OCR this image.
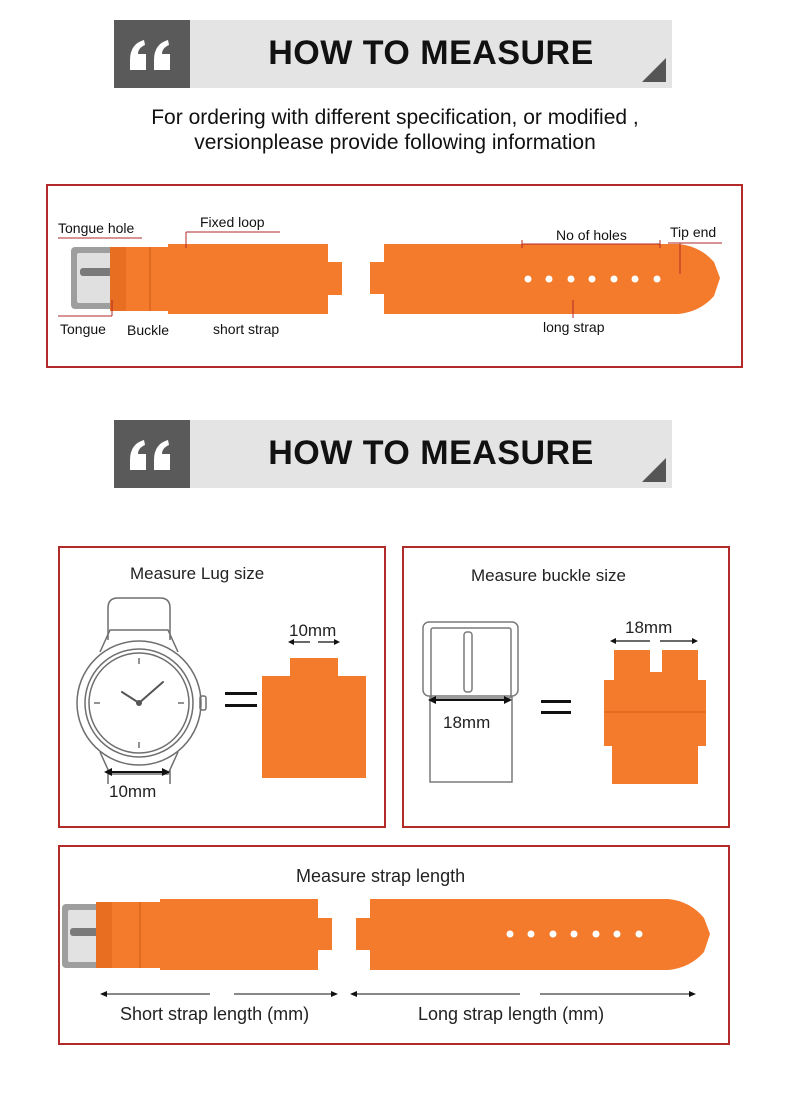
HOW TO MEASURE
For ordering with different specification, or modified ,
versionplease provide following information
Tongue hole	Fixed loop
No of holes	Tip end
Tongue Buckle	short strap	long strap
HOW TO MEASURE
Measure Lug size
10mm
10mm
Measure buckle size
18mm
18mm
Measure strap length
Short strap length (mm)	Long strap length (mm)
